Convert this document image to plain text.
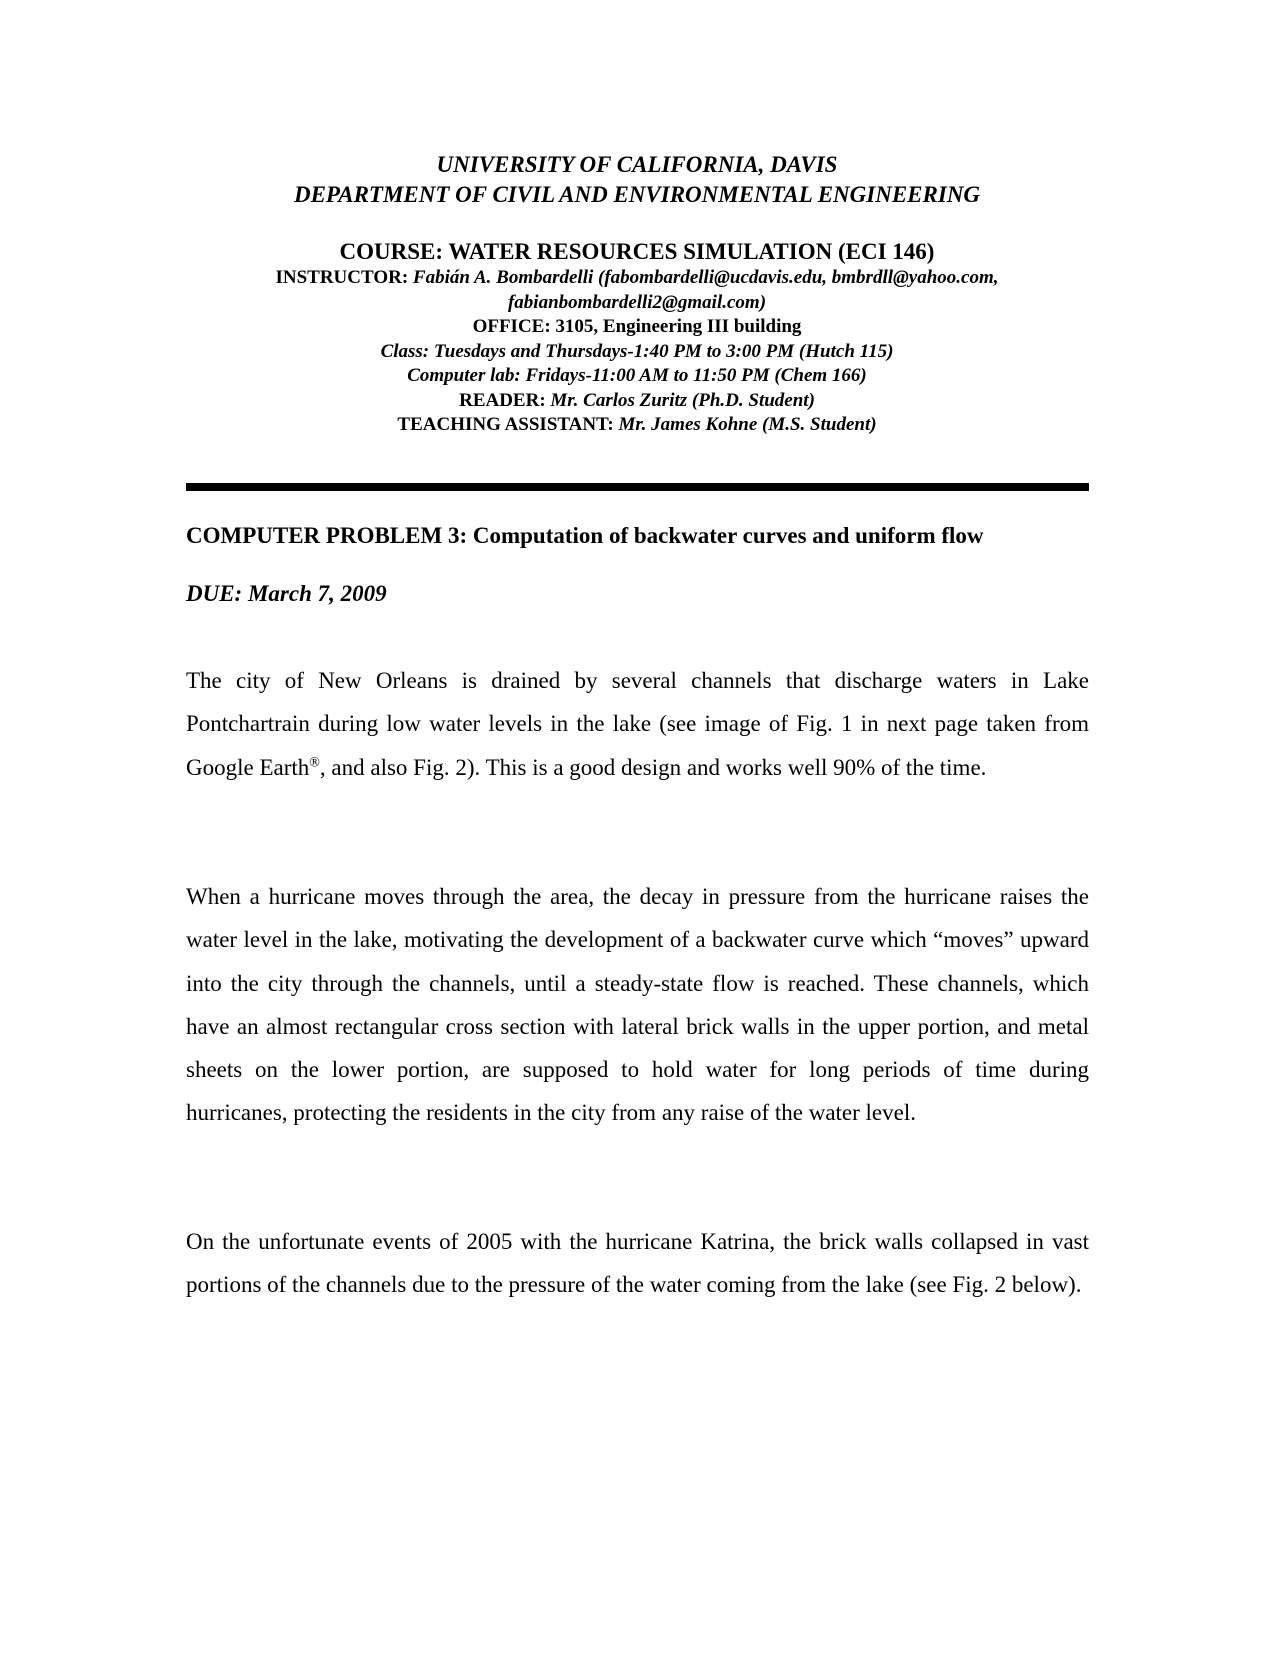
UNIVERSITY OF CALIFORNIA, DAVIS
DEPARTMENT OF CIVIL AND ENVIRONMENTAL ENGINEERING
COURSE: WATER RESOURCES SIMULATION (ECI 146)
INSTRUCTOR: Fabián A. Bombardelli (fabombardelli@ucdavis.edu, bmbrdll@yahoo.com,
fabianbombardelli2@gmail.com)
OFFICE: 3105, Engineering III building
Class: Tuesdays and Thursdays-1:40 PM to 3:00 PM (Hutch 115)
Computer lab: Fridays-11:00 AM to 11:50 PM (Chem 166)
READER: Mr. Carlos Zuritz (Ph.D. Student)
TEACHING ASSISTANT: Mr. James Kohne (M.S. Student)
COMPUTER PROBLEM 3: Computation of backwater curves and uniform flow
DUE: March 7, 2009

The city of New Orleans is drained by several channels that discharge waters in Lake Pontchartrain during low water levels in the lake (see image of Fig. 1 in next page taken from Google Earth®, and also Fig. 2). This is a good design and works well 90% of the time.

When a hurricane moves through the area, the decay in pressure from the hurricane raises the water level in the lake, motivating the development of a backwater curve which “moves” upward into the city through the channels, until a steady-state flow is reached. These channels, which have an almost rectangular cross section with lateral brick walls in the upper portion, and metal sheets on the lower portion, are supposed to hold water for long periods of time during hurricanes, protecting the residents in the city from any raise of the water level.

On the unfortunate events of 2005 with the hurricane Katrina, the brick walls collapsed in vast portions of the channels due to the pressure of the water coming from the lake (see Fig. 2 below).
